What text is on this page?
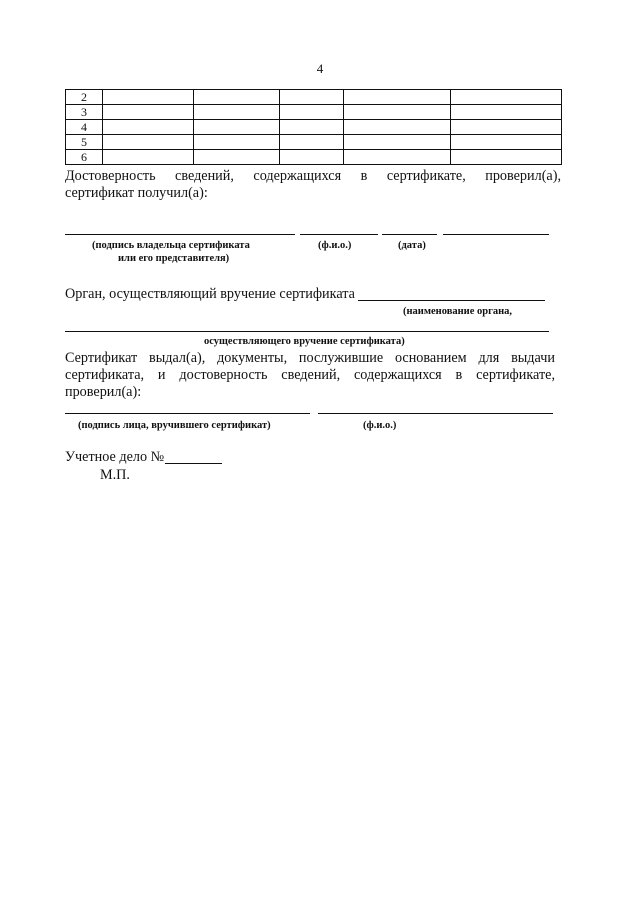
4
2					
3					
4					
5					
6					
Достоверность сведений, содержащихся в сертификате, проверил(а),
сертификат получил(а):
(подпись владельца сертификата
или его представителя)
(ф.и.о.)	(дата)
Орган, осуществляющий вручение сертификата
(наименование органа,
осуществляющего вручение сертификата)
Сертификат выдал(а), документы, послужившие основанием для выдачи
сертификата, и достоверность сведений, содержащихся в сертификате,
проверил(а):
(подпись лица, вручившего сертификат)	(ф.и.о.)
Учетное дело №
М.П.
